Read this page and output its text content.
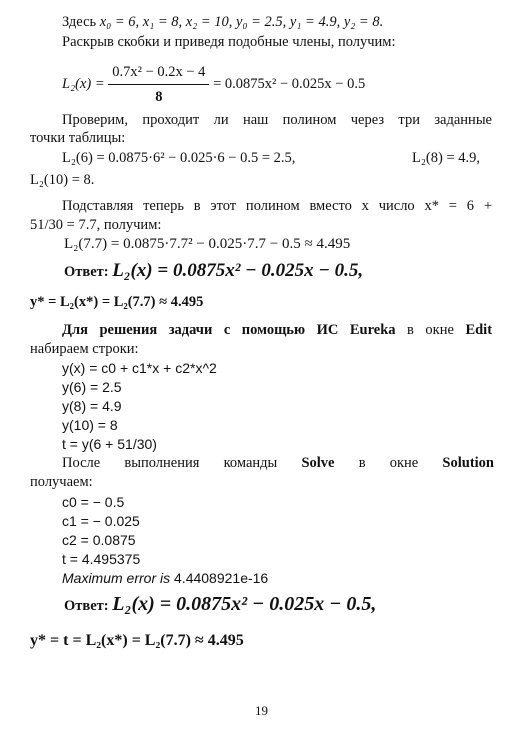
Здесь x₀ = 6, x₁ = 8, x₂ = 10, y₀ = 2.5, y₁ = 4.9, y₂ = 8.
Раскрыв скобки и приведя подобные члены, получим:
$L_2(x) = \frac{\text{0.7x² − 0.2x − 4}}{8} = 0.0875x^2 - 0.025x - 0.5$
Проверим, проходит ли наш полином через три заданные
точки таблицы:
L₂(6) = 0.0875·6² − 0.025·6 − 0.5 = 2.5,	L₂(8) = 4.9,
L₂(10) = 8.
Подставляя теперь в этот полином вместо x число x* = 6 +
51/30 = 7.7, получим:
L₂(7.7) = 0.0875·7.7² − 0.025·7.7 − 0.5 ≈ 4.495
Ответ: L₂(x) = 0.0875x² − 0.025x − 0.5,
y* = L₂(x*) = L₂(7.7) ≈ 4.495
Для решения задачи с помощью ИС Eureka в окне Edit
набираем строки:
y(x) = c0 + c1*x + c2*x^2
y(6) = 2.5
y(8) = 4.9
y(10) = 8
t = y(6 + 51/30)
После выполнения команды Solve в окне Solution
получаем:
c0 = − 0.5
c1 = − 0.025
c2 = 0.0875
t = 4.495375
Maximum error is 4.4408921e-16
Ответ: L₂(x) = 0.0875x² − 0.025x − 0.5,
y* = t = L₂(x*) = L₂(7.7) ≈ 4.495
19
